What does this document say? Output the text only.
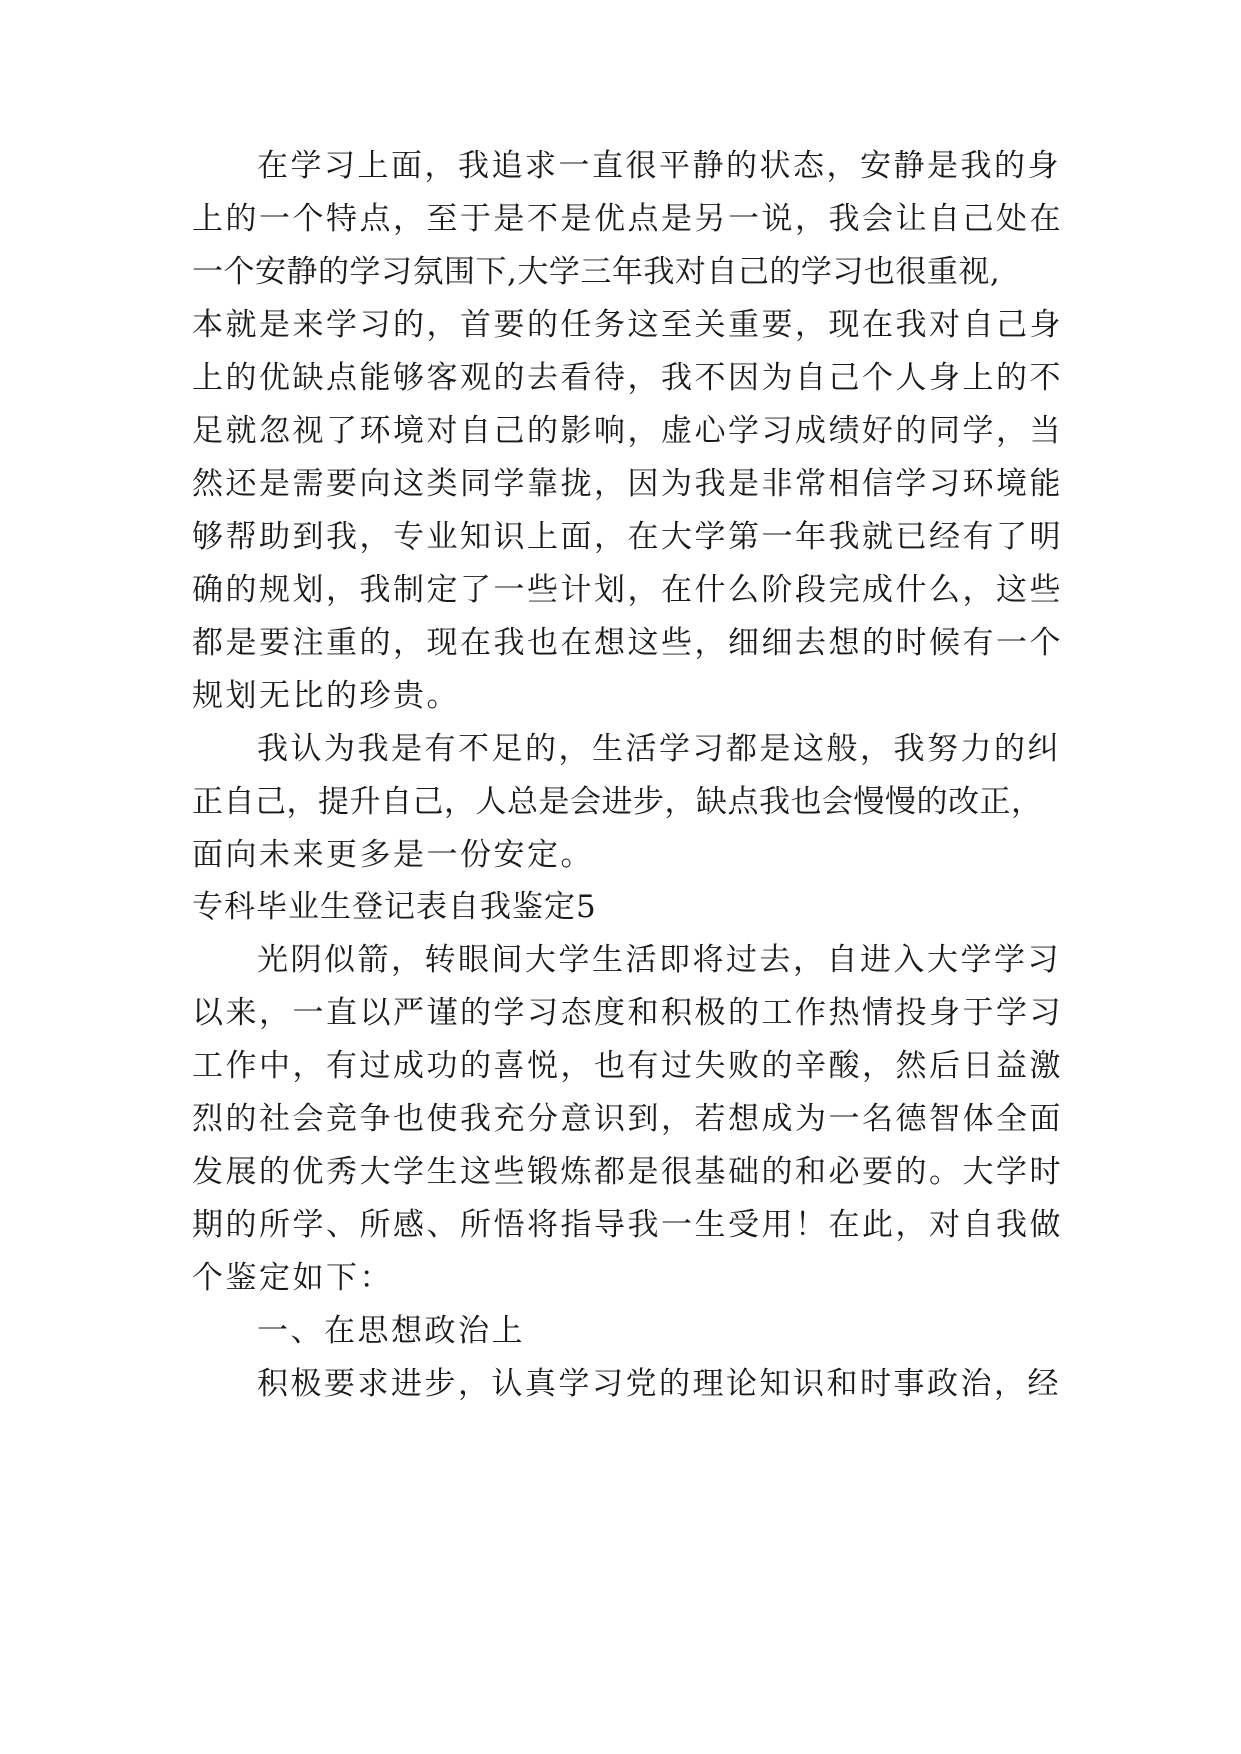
在学习上面，我追求一直很平静的状态，安静是我的身
上的一个特点，至于是不是优点是另一说，我会让自己处在
一个安静的学习氛围下,大学三年我对自己的学习也很重视,
本就是来学习的，首要的任务这至关重要，现在我对自己身
上的优缺点能够客观的去看待，我不因为自己个人身上的不
足就忽视了环境对自己的影响，虚心学习成绩好的同学，当
然还是需要向这类同学靠拢，因为我是非常相信学习环境能
够帮助到我，专业知识上面，在大学第一年我就已经有了明
确的规划，我制定了一些计划，在什么阶段完成什么，这些
都是要注重的，现在我也在想这些，细细去想的时候有一个
规划无比的珍贵。
我认为我是有不足的，生活学习都是这般，我努力的纠
正自己，提升自己，人总是会进步，缺点我也会慢慢的改正，
面向未来更多是一份安定。
专科毕业生登记表自我鉴定5
光阴似箭，转眼间大学生活即将过去，自进入大学学习
以来，一直以严谨的学习态度和积极的工作热情投身于学习
工作中，有过成功的喜悦，也有过失败的辛酸，然后日益激
烈的社会竞争也使我充分意识到，若想成为一名德智体全面
发展的优秀大学生这些锻炼都是很基础的和必要的。大学时
期的所学、所感、所悟将指导我一生受用！在此，对自我做
个鉴定如下：
一、在思想政治上
积极要求进步，认真学习党的理论知识和时事政治，经
